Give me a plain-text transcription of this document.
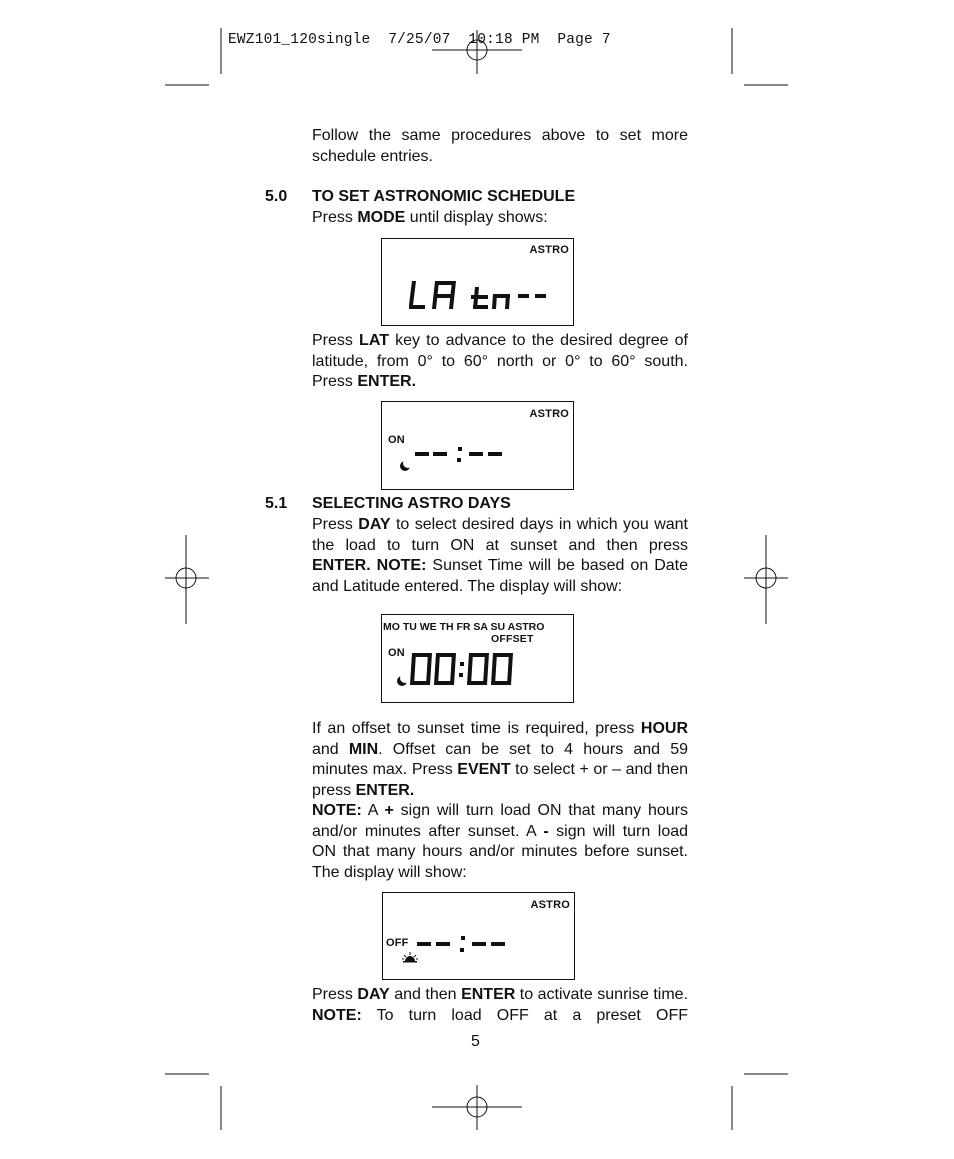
EWZ101_120single  7/25/07  10:18 PM  Page 7

Follow the same procedures above to set more schedule entries.

5.0 TO SET ASTRONOMIC SCHEDULE

Press MODE until display shows:

ASTRO

Press LAT key to advance to the desired degree of latitude, from 0° to 60° north or 0° to 60° south. Press ENTER.

ASTRO
ON
5.1 SELECTING ASTRO DAYS

Press DAY to select desired days in which you want the load to turn ON at sunset and then press ENTER. NOTE: Sunset Time will be based on Date and Latitude entered. The display will show:

MO TU WE TH FR SA SU ASTRO
OFFSET
ON

If an offset to sunset time is required, press HOUR and MIN. Offset can be set to 4 hours and 59 minutes max. Press EVENT to select + or – and then press ENTER.

NOTE: A + sign will turn load ON that many hours and/or minutes after sunset. A - sign will turn load ON that many hours and/or minutes before sunset. The display will show:

ASTRO
OFF

Press DAY and then ENTER to activate sunrise time. NOTE: To turn load OFF at a preset OFF

5
